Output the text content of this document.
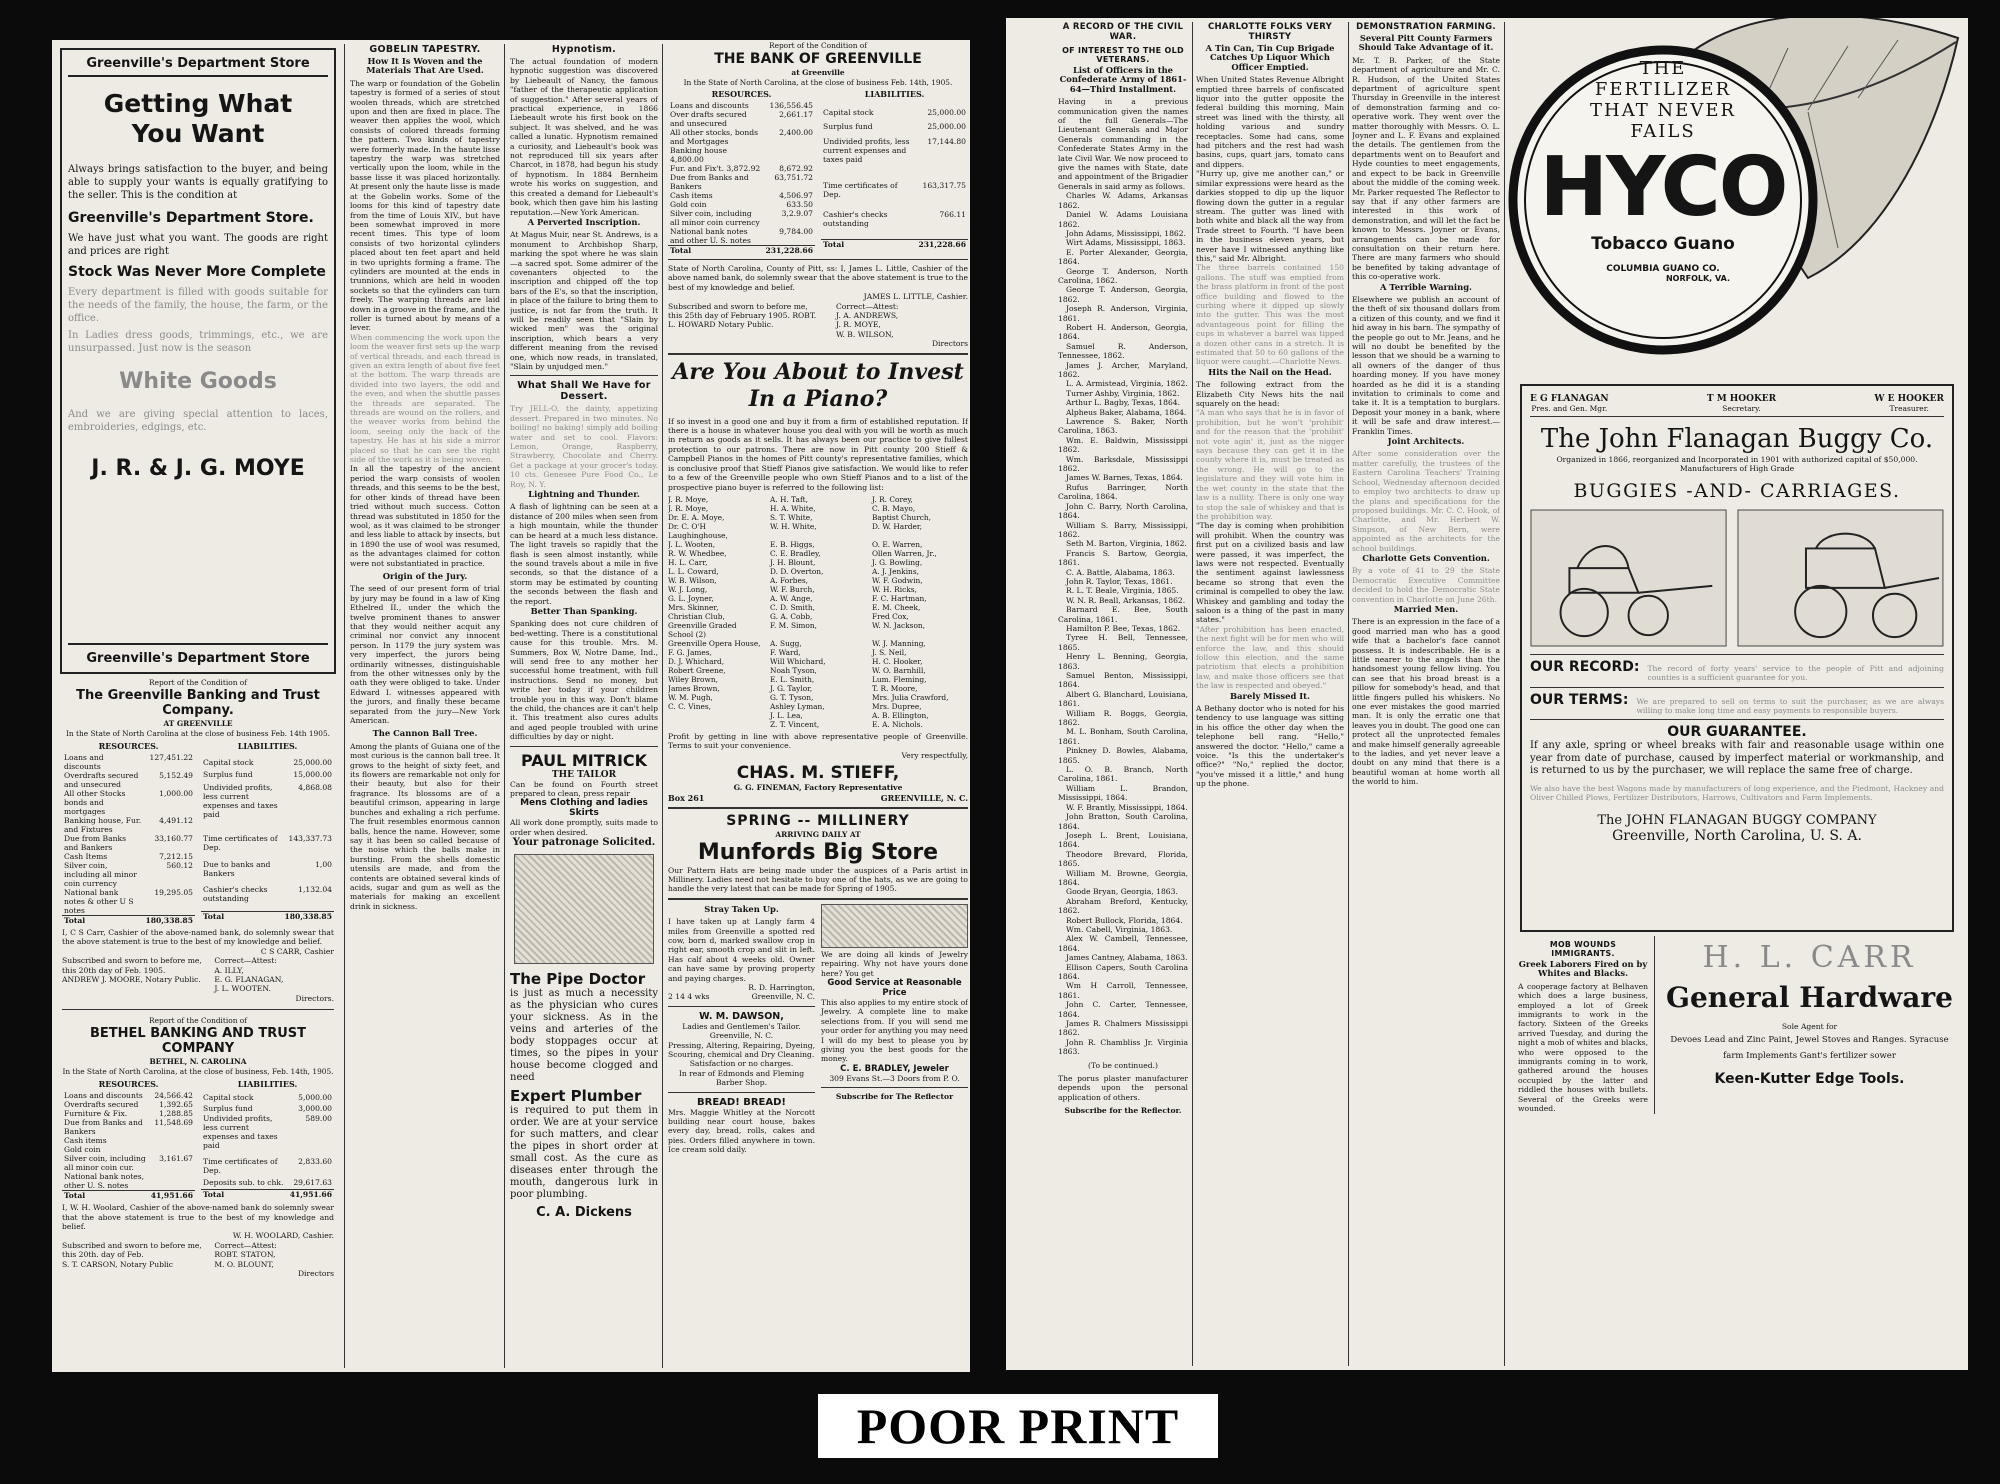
Greenville's Department Store
Getting What You Want

Always brings satisfaction to the buyer, and being able to supply your wants is equally gratifying to the seller. This is the condition at

Greenville's Department Store.

We have just what you want. The goods are right and prices are right

Stock Was Never More Complete

Every department is filled with goods suitable for the needs of the family, the house, the farm, or the office.

In Ladies dress goods, trimmings, etc., we are unsurpassed. Just now is the season

White Goods

And we are giving special attention to laces, embroideries, edgings, etc.

J. R. & J. G. MOYE
Greenville's Department Store
Report of the Condition of
The Greenville Banking and Trust Company.
AT GREENVILLE
In the State of North Carolina at the close of business Feb. 14th 1905.
RESOURCES.	
Loans and discounts	127,451.22
Overdrafts secured and unsecured	5,152.49
All other Stocks bonds and mortgages	1,000.00
Banking house, Fur. and Fixtures	4,491.12
Due from Banks and Bankers	33,160.77
Cash Items	7,212.15
Silver coin, including all minor coin currency	560.12
National bank notes & other U S notes	19,295.05
Total	180,338.85
LIABILITIES.	
Capital stock	25,000.00
Surplus fund	15,000.00
Undivided profits, less current expenses and taxes paid	4,868.08
Time certificates of Dep.	143,337.73
Due to banks and Bankers	1,00
Cashier's checks outstanding	1,132.04
Total	180,338.85

I, C S Carr, Cashier of the above-named bank, do solemnly swear that the above statement is true to the best of my knowledge and belief.

C S CARR, Cashier
Subscribed and sworn to before me, this 20th day of Feb. 1905.
ANDREW J. MOORE, Notary Public.
Correct—Attest:
A. ILLY,
E. G. FLANAGAN,
J. L. WOOTEN.
Directors.
Report of the Condition of
BETHEL BANKING AND TRUST COMPANY
BETHEL, N. CAROLINA
In the State of North Carolina, at the close of business, Feb. 14th, 1905.
RESOURCES.	
Loans and discounts	24,566.42
Overdrafts secured	1,392.65
Furniture & Fix.	1,288.85
Due from Banks and Bankers	11,548.69
Cash items	
Gold coin	
Silver coin, including all minor coin cur.	3,161.67
National bank notes, other U. S. notes	
Total	41,951.66
LIABILITIES.	
Capital stock	5,000.00
Surplus fund	3,000.00
Undivided profits, less current expenses and taxes paid	589.00
Time certificates of Dep.	2,833.60
Deposits sub. to chk.	29,617.63
Total	41,951.66

I, W. H. Woolard, Cashier of the above-named bank do solemnly swear that the above statement is true to the best of my knowledge and belief.

W. H. WOOLARD, Cashier.
Subscribed and sworn to before me, this 20th. day of Feb.
S. T. CARSON, Notary Public
Correct—Attest:
ROBT. STATON,
M. O. BLOUNT,
Directors
GOBELIN TAPESTRY.
How It Is Woven and the Materials That Are Used.

The warp or foundation of the Gobelin tapestry is formed of a series of stout woolen threads, which are stretched upon and then are fixed in place. The weaver then applies the wool, which consists of colored threads forming the pattern. Two kinds of tapestry were formerly made. In the haute lisse tapestry the warp was stretched vertically upon the loom, while in the basse lisse it was placed horizontally. At present only the haute lisse is made at the Gobelin works. Some of the looms for this kind of tapestry date from the time of Louis XIV., but have been somewhat improved in more recent times. This type of loom consists of two horizontal cylinders placed about ten feet apart and held in two uprights forming a frame. The cylinders are mounted at the ends in trunnions, which are held in wooden sockets so that the cylinders can turn freely. The warping threads are laid down in a groove in the frame, and the roller is turned about by means of a lever.

When commencing the work upon the loom the weaver first sets up the warp of vertical threads, and each thread is given an extra length of about five feet at the bottom. The warp threads are divided into two layers, the odd and the even, and when the shuttle passes the threads are separated. The threads are wound on the rollers, and the weaver works from behind the loom, seeing only the back of the tapestry. He has at his side a mirror placed so that he can see the right side of the work as it is being woven.

In all the tapestry of the ancient period the warp consists of woolen threads, and this seems to be the best, for other kinds of thread have been tried without much success. Cotton thread was substituted in 1850 for the wool, as it was claimed to be stronger and less liable to attack by insects, but in 1890 the use of wool was resumed, as the advantages claimed for cotton were not substantiated in practice.

Origin of the Jury.

The seed of our present form of trial by jury may be found in a law of King Ethelred II., under the which the twelve prominent thanes to answer that they would neither acquit any criminal nor convict any innocent person. In 1179 the jury system was very imperfect, the jurors being ordinarily witnesses, distinguishable from the other witnesses only by the oath they were obliged to take. Under Edward I. witnesses appeared with the jurors, and finally these became separated from the jury—New York American.

The Cannon Ball Tree.

Among the plants of Guiana one of the most curious is the cannon ball tree. It grows to the height of sixty feet, and its flowers are remarkable not only for their beauty, but also for their fragrance. Its blossoms are of a beautiful crimson, appearing in large bunches and exhaling a rich perfume. The fruit resembles enormous cannon balls, hence the name. However, some say it has been so called because of the noise which the balls make in bursting. From the shells domestic utensils are made, and from the contents are obtained several kinds of acids, sugar and gum as well as the materials for making an excellent drink in sickness.

Hypnotism.

The actual foundation of modern hypnotic suggestion was discovered by Liebeault of Nancy, the famous "father of the therapeutic application of suggestion." After several years of practical experience, in 1866 Liebeault wrote his first book on the subject. It was shelved, and he was called a lunatic. Hypnotism remained a curiosity, and Liebeault's book was not reproduced till six years after Charcot, in 1878, had begun his study of hypnotism. In 1884 Bernheim wrote his works on suggestion, and this created a demand for Liebeault's book, which then gave him his lasting reputation.—New York American.

A Perverted Inscription.

At Magus Muir, near St. Andrews, is a monument to Archbishop Sharp, marking the spot where he was slain—a sacred spot. Some admirer of the covenanters objected to the inscription and chipped off the top bars of the E's, so that the inscription, in place of the failure to bring them to justice, is not far from the truth. It will be readily seen that "Slain by wicked men" was the original inscription, which bears a very different meaning from the revised one, which now reads, in translated, "Slain by unjudged men."

What Shall We Have for Dessert.

Try JELL-O, the dainty, appetizing dessert. Prepared in two minutes. No boiling! no baking! simply add boiling water and set to cool. Flavors: Lemon, Orange, Raspberry, Strawberry, Chocolate and Cherry. Get a package at your grocer's today. 10 cts. Genesee Pure Food Co., Le Roy, N. Y.

Lightning and Thunder.

A flash of lightning can be seen at a distance of 200 miles when seen from a high mountain, while the thunder can be heard at a much less distance. The light travels so rapidly that the flash is seen almost instantly, while the sound travels about a mile in five seconds, so that the distance of a storm may be estimated by counting the seconds between the flash and the report.

Better Than Spanking.

Spanking does not cure children of bed-wetting. There is a constitutional cause for this trouble. Mrs. M. Summers, Box W, Notre Dame, Ind., will send free to any mother her successful home treatment, with full instructions. Send no money, but write her today if your children trouble you in this way. Don't blame the child, the chances are it can't help it. This treatment also cures adults and aged people troubled with urine difficulties by day or night.

PAUL MITRICK
THE TAILOR

Can be found on Fourth street prepared to clean, press repair

Mens Clothing and ladies Skirts

All work done promptly, suits made to order when desired.

Your patronage Solicited.
The Pipe Doctor

is just as much a necessity as the physician who cures your sickness. As in the veins and arteries of the body stoppages occur at times, so the pipes in your house become clogged and need

Expert Plumber

is required to put them in order. We are at your service for such matters, and clear the pipes in short order at small cost. As the cure as diseases enter through the mouth, dangerous lurk in poor plumbing.

C. A. Dickens
Report of the Condition of
THE BANK OF GREENVILLE
at Greenville
In the State of North Carolina, at the close of business Feb. 14th, 1905.
RESOURCES.	
Loans and discounts	136,556.45
Over drafts secured and unsecured	2,661.17
All other stocks, bonds and Mortgages	2,400.00
Banking house 4,800.00	
Fur. and Fix't. 3,872.92	8,672.92
Due from Banks and Bankers	63,751.72
Cash items	4,506.97
Gold coin	633.50
Silver coin, including all minor coin currency	3,2.9.07
National bank notes and other U. S. notes	9,784.00
Total	231,228.66
LIABILITIES.	
Capital stock	25,000.00
Surplus fund	25,000.00
Undivided profits, less current expenses and taxes paid	17,144.80
Time certificates of Dep.	163,317.75
Cashier's checks outstanding	766.11
Total	231,228.66

State of North Carolina, County of Pitt, ss: I, James L. Little, Cashier of the above named bank, do solemnly swear that the above statement is true to the best of my knowledge and belief.

JAMES L. LITTLE, Cashier.
Subscribed and sworn to before me, this 25th day of February 1905. ROBT. L. HOWARD Notary Public.
Correct—Attest:
J. A. ANDREWS,
J. R. MOYE,
W. B. WILSON,
Directors
Are You About to Invest In a Piano?

If so invest in a good one and buy it from a firm of established reputation. If there is a house in whatever house you deal with you will be worth as much in return as goods as it sells. It has always been our practice to give fullest protection to our patrons. There are now in Pitt county 200 Stieff & Campbell Pianos in the homes of Pitt county's representative families, which is conclusive proof that Stieff Pianos give satisfaction. We would like to refer to a few of the Greenville people who own Stieff Pianos and to a list of the prospective piano buyer is referred to the following list:

J. R. Moye,	A. H. Taft,	J. R. Corey,
J. R. Moye,	H. A. White,	C. B. Mayo,
Dr. E. A. Moye,	S. T. White,	Baptist Church,
Dr. C. O'H Laughinghouse,
W. H. White,	D. W. Harder,
J. L. Wooten,	E. B. Higgs,	O. E. Warren,
R. W. Whedbee,	C. E. Bradley,	Ollen Warren, Jr.,
H. L. Carr,	J. H. Blount,	J. G. Bowling,
L. L. Coward,	D. D. Overton,	A. J. Jenkins,
W. B. Wilson,	A. Forbes,	W. F. Godwin,
W. J. Long,	W. F. Burch,	W. H. Ricks,
G. L. Joyner,	A. W. Ange,	F. C. Hartman,
Mrs. Skinner,	C. D. Smith,	E. M. Cheek,
Christian Club,	G. A. Cobb,	Fred Cox,
Greenville Graded School (2)
F. M. Simon,	W. N. Jackson,
Greenville Opera House,	A. Sugg,	W. J. Manning,
F. G. James,	F. Ward,	J. S. Neil,
D. J. Whichard,	Will Whichard,	H. C. Hooker,
Robert Greene,	Noah Tyson,	W. O. Barnhill,
Wiley Brown,	E. L. Smith,	Lum. Fleming,
James Brown,	J. G. Taylor,	T. R. Moore,
W. M. Pugh,	G. T. Tyson,	Mrs. Julia Crawford,
C. C. Vines,	Ashley Lyman,	Mrs. Dupree,
J. L. Lea,	A. B. Ellington,
Z. T. Vincent,	E. A. Nichols.

Profit by getting in line with above representative people of Greenville. Terms to suit your convenience.

Very respectfully,
CHAS. M. STIEFF,
G. G. FINEMAN, Factory Representative
Box 261	GREENVILLE, N. C.
SPRING -- MILLINERY
ARRIVING DAILY AT
Munfords Big Store

Our Pattern Hats are being made under the auspices of a Paris artist in Millinery. Ladies need not hesitate to buy one of the hats, as we are going to handle the very latest that can be made for Spring of 1905.

Stray Taken Up.

I have taken up at Langly farm 4 miles from Greenville a spotted red cow, born d, marked swallow crop in right ear, smooth crop and slit in left. Has calf about 4 weeks old. Owner can have same by proving property and paying charges.

R. D. Harrington,
2 14 4 wks	Greenville, N. C.
W. M. DAWSON,
Ladies and Gentlemen's Tailor.
Greenville, N. C.

Pressing, Altering, Repairing, Dyeing, Scouring, chemical and Dry Cleaning.

Satisfaction or no charges.
In rear of Edmonds and Fleming Barber Shop.
BREAD! BREAD!

Mrs. Maggie Whitley at the Norcott building near court house, bakes every day, bread, rolls, cakes and pies. Orders filled anywhere in town. Ice cream sold daily.

We are doing all kinds of Jewelry repairing. Why not have yours done here? You get

Good Service at Reasonable Price

This also applies to my entire stock of Jewelry. A complete line to make selections from. If you will send me your order for anything you may need I will do my best to please you by giving you the best goods for the money.

C. E. BRADLEY, Jeweler
309 Evans St.—3 Doors from P. O.
Subscribe for The Reflector
A RECORD OF THE CIVIL WAR.
OF INTEREST TO THE OLD VETERANS.
List of Officers in the Confederate Army of 1861-64—Third Installment.

Having in a previous communication given the names of the full Generals—The Lieutenant Generals and Major Generals commanding in the Confederate States Army in the late Civil War. We now proceed to give the names with State, date and appointment of the Brigadier Generals in said army as follows.

Charles W. Adams, Arkansas 1862.

Daniel W. Adams Louisiana 1862.

John Adams, Mississippi, 1862.

Wirt Adams, Mississippi, 1863.

E. Porter Alexander, Georgia, 1864.

George T. Anderson, North Carolina, 1862.

George T. Anderson, Georgia, 1862.

Joseph R. Anderson, Virginia, 1861.

Robert H. Anderson, Georgia, 1864.

Samuel R. Anderson, Tennessee, 1862.

James J. Archer, Maryland, 1862.

L. A. Armistead, Virginia, 1862.

Turner Ashby, Virginia, 1862.

Arthur L. Bagby, Texas, 1864.

Alpheus Baker, Alabama, 1864.

Lawrence S. Baker, North Carolina, 1863.

Wm. E. Baldwin, Mississippi 1862.

Wm. Barksdale, Mississippi 1862.

James W. Barnes, Texas, 1864.

Rufus Barringer, North Carolina, 1864.

John C. Barry, North Carolina, 1864.

William S. Barry, Mississippi, 1862.

Seth M. Barton, Virginia, 1862.

Francis S. Bartow, Georgia, 1861.

C. A. Battle, Alabama, 1863.

John R. Taylor, Texas, 1861.

R. L. T. Beale, Virginia, 1865.

W. N. R. Beall, Arkansas, 1862.

Barnard E. Bee, South Carolina, 1861.

Hamilton P. Bee, Texas, 1862.

Tyree H. Bell, Tennessee, 1865.

Henry L. Benning, Georgia, 1863.

Samuel Benton, Mississippi, 1864.

Albert G. Blanchard, Louisiana, 1861.

William R. Boggs, Georgia, 1862.

M. L. Bonham, South Carolina, 1861.

Pinkney D. Bowles, Alabama, 1865.

L. O. B. Branch, North Carolina, 1861.

William L. Brandon, Mississippi, 1864.

W. F. Brantly, Mississippi, 1864.

John Bratton, South Carolina, 1864.

Joseph L. Brent, Louisiana, 1864.

Theodore Brevard, Florida, 1865.

William M. Browne, Georgia, 1864.

Goode Bryan, Georgia, 1863.

Abraham Breford, Kentucky, 1862.

Robert Bullock, Florida, 1864.

Wm. Cabell, Virginia, 1863.

Alex W. Cambell, Tennessee, 1864.

James Cantney, Alabama, 1863.

Ellison Capers, South Carolina 1864.

Wm H Carroll, Tennessee, 1861.

John C. Carter, Tennessee, 1864.

James R. Chalmers Mississippi 1862.

John R. Chambliss Jr. Virginia 1863.

(To be continued.)

The porus plaster manufacturer depends upon the personal application of others.

Subscribe for the Reflector.
CHARLOTTE FOLKS VERY THIRSTY
A Tin Can, Tin Cup Brigade Catches Up Liquor Which Officer Emptied.

When United States Revenue Albright emptied three barrels of confiscated liquor into the gutter opposite the federal building this morning, Main street was lined with the thirsty, all holding various and sundry receptacles. Some had cans, some had pitchers and the rest had wash basins, cups, quart jars, tomato cans and dippers.

"Hurry up, give me another can," or similar expressions were heard as the darkies stopped to dip up the liquor flowing down the gutter in a regular stream. The gutter was lined with both white and black all the way from Trade street to Fourth. "I have been in the business eleven years, but never have I witnessed anything like this," said Mr. Albright.

The three barrels contained 150 gallons. The stuff was emptied from the brass platform in front of the post office building and flowed to the curbing where it dipped up slowly into the gutter. This was the most advantageous point for filling the cups in whatever a barrel was tipped a dozen other cans in a stretch. It is estimated that 50 to 60 gallons of the liquor were caught.—Charlotte News.

Hits the Nail on the Head.

The following extract from the Elizabeth City News hits the nail squarely on the head:

"A man who says that he is in favor of prohibition, but he won't 'prohibit' and for the reason that the 'prohibit' not vote agin' it, just as the nigger says because they can get it in the county where it is, must be treated as the wrong. He will go to the legislature and they will vote him in the wet county in the state that the law is a nullity. There is only one way to stop the sale of whiskey and that is the prohibition way.

"The day is coming when prohibition will prohibit. When the country was first put on a civilized basis and law were passed, it was imperfect, the laws were not respected. Eventually the sentiment against lawlessness became so strong that even the criminal is compelled to obey the law. Whiskey and gambling and today the saloon is a thing of the past in many states."

"After prohibition has been enacted, the next fight will be for men who will enforce the law, and this should follow this election, and the same patriotism that elects a prohibition law, and make those officers see that the law is respected and obeyed."

Barely Missed It.

A Bethany doctor who is noted for his tendency to use language was sitting in his office the other day when the telephone bell rang. "Hello," answered the doctor. "Hello," came a voice. "Is this the undertaker's office?" "No," replied the doctor, "you've missed it a little," and hung up the phone.

DEMONSTRATION FARMING.
Several Pitt County Farmers Should Take Advantage of it.

Mr. T. B. Parker, of the State department of agriculture and Mr. C. R. Hudson, of the United States department of agriculture spent Thursday in Greenville in the interest of demonstration farming and co-operative work. They went over the matter thoroughly with Messrs. O. L. Joyner and L. F. Evans and explained the details. The gentlemen from the departments went on to Beaufort and Hyde counties to meet engagements, and expect to be back in Greenville about the middle of the coming week. Mr. Parker requested The Reflector to say that if any other farmers are interested in this work of demonstration, and will let the fact be known to Messrs. Joyner or Evans, arrangements can be made for consultation on their return here. There are many farmers who should be benefited by taking advantage of this co-operative work.

A Terrible Warning.

Elsewhere we publish an account of the theft of six thousand dollars from a citizen of this county, and we find it hid away in his barn. The sympathy of the people go out to Mr. Jeans, and he will no doubt be benefited by the lesson that we should be a warning to all owners of the danger of thus hoarding money. If you have money hoarded as he did it is a standing invitation to criminals to come and take it. It is a temptation to burglars. Deposit your money in a bank, where it will be safe and draw interest.—Franklin Times.

Joint Architects.

After some consideration over the matter carefully, the trustees of the Eastern Carolina Teachers' Training School, Wednesday afternoon decided to employ two architects to draw up the plans and specifications for the proposed buildings. Mr. C. C. Hook, of Charlotte, and Mr. Herbert W. Simpson, of New Bern, were appointed as the architects for the school buildings.

Charlotte Gets Convention.

By a vote of 41 to 29 the State Democratic Executive Committee decided to hold the Democratic State convention in Charlotte on June 26th.

Married Men.

There is an expression in the face of a good married man who has a good wife that a bachelor's face cannot possess. It is indescribable. He is a little nearer to the angels than the handsomest young fellow living. You can see that his broad breast is a pillow for somebody's head, and that little fingers pulled his whiskers. No one ever mistakes the good married man. It is only the erratic one that leaves you in doubt. The good one can protect all the unprotected females and make himself generally agreeable to the ladies, and yet never leave a doubt on any mind that there is a beautiful woman at home worth all the world to him.

THE
FERTILIZER
THAT NEVER
FAILS
HYCO
Tobacco Guano
COLUMBIA GUANO CO.
NORFOLK, VA.
E G FLANAGAN
Pres. and Gen. Mgr.
T M HOOKER
Secretary.
W E HOOKER
Treasurer.
The John Flanagan Buggy Co.
Organized in 1866, reorganized and Incorporated in 1901 with authorized capital of $50,000.
Manufacturers of High Grade
BUGGIES -AND- CARRIAGES.
OUR RECORD: The record of forty years' service to the people of Pitt and adjoining counties is a sufficient guarantee for you.
OUR TERMS: We are prepared to sell on terms to suit the purchaser, as we are always willing to make long time and easy payments to responsible buyers.
OUR GUARANTEE.

If any axle, spring or wheel breaks with fair and reasonable usage within one year from date of purchase, caused by imperfect material or workmanship, and is returned to us by the purchaser, we will replace the same free of charge.

We also have the best Wagons made by manufacturers of long experience, and the Piedmont, Hackney and Oliver Chilled Plows, Fertilizer Distributors, Harrows, Cultivators and Farm Implements.

The JOHN FLANAGAN BUGGY COMPANY
Greenville, North Carolina, U. S. A.
MOB WOUNDS IMMIGRANTS.
Greek Laborers Fired on by Whites and Blacks.

A cooperage factory at Belhaven which does a large business, employed a lot of Greek immigrants to work in the factory. Sixteen of the Greeks arrived Tuesday, and during the night a mob of whites and blacks, who were opposed to the immigrants coming in to work, gathered around the houses occupied by the latter and riddled the houses with bullets. Several of the Greeks were wounded.

H. L. CARR
General Hardware
Sole Agent for
Devoes Lead and Zinc Paint, Jewel Stoves and Ranges. Syracuse
farm Implements Gant's fertilizer sower
Keen-Kutter Edge Tools.
POOR PRINT
